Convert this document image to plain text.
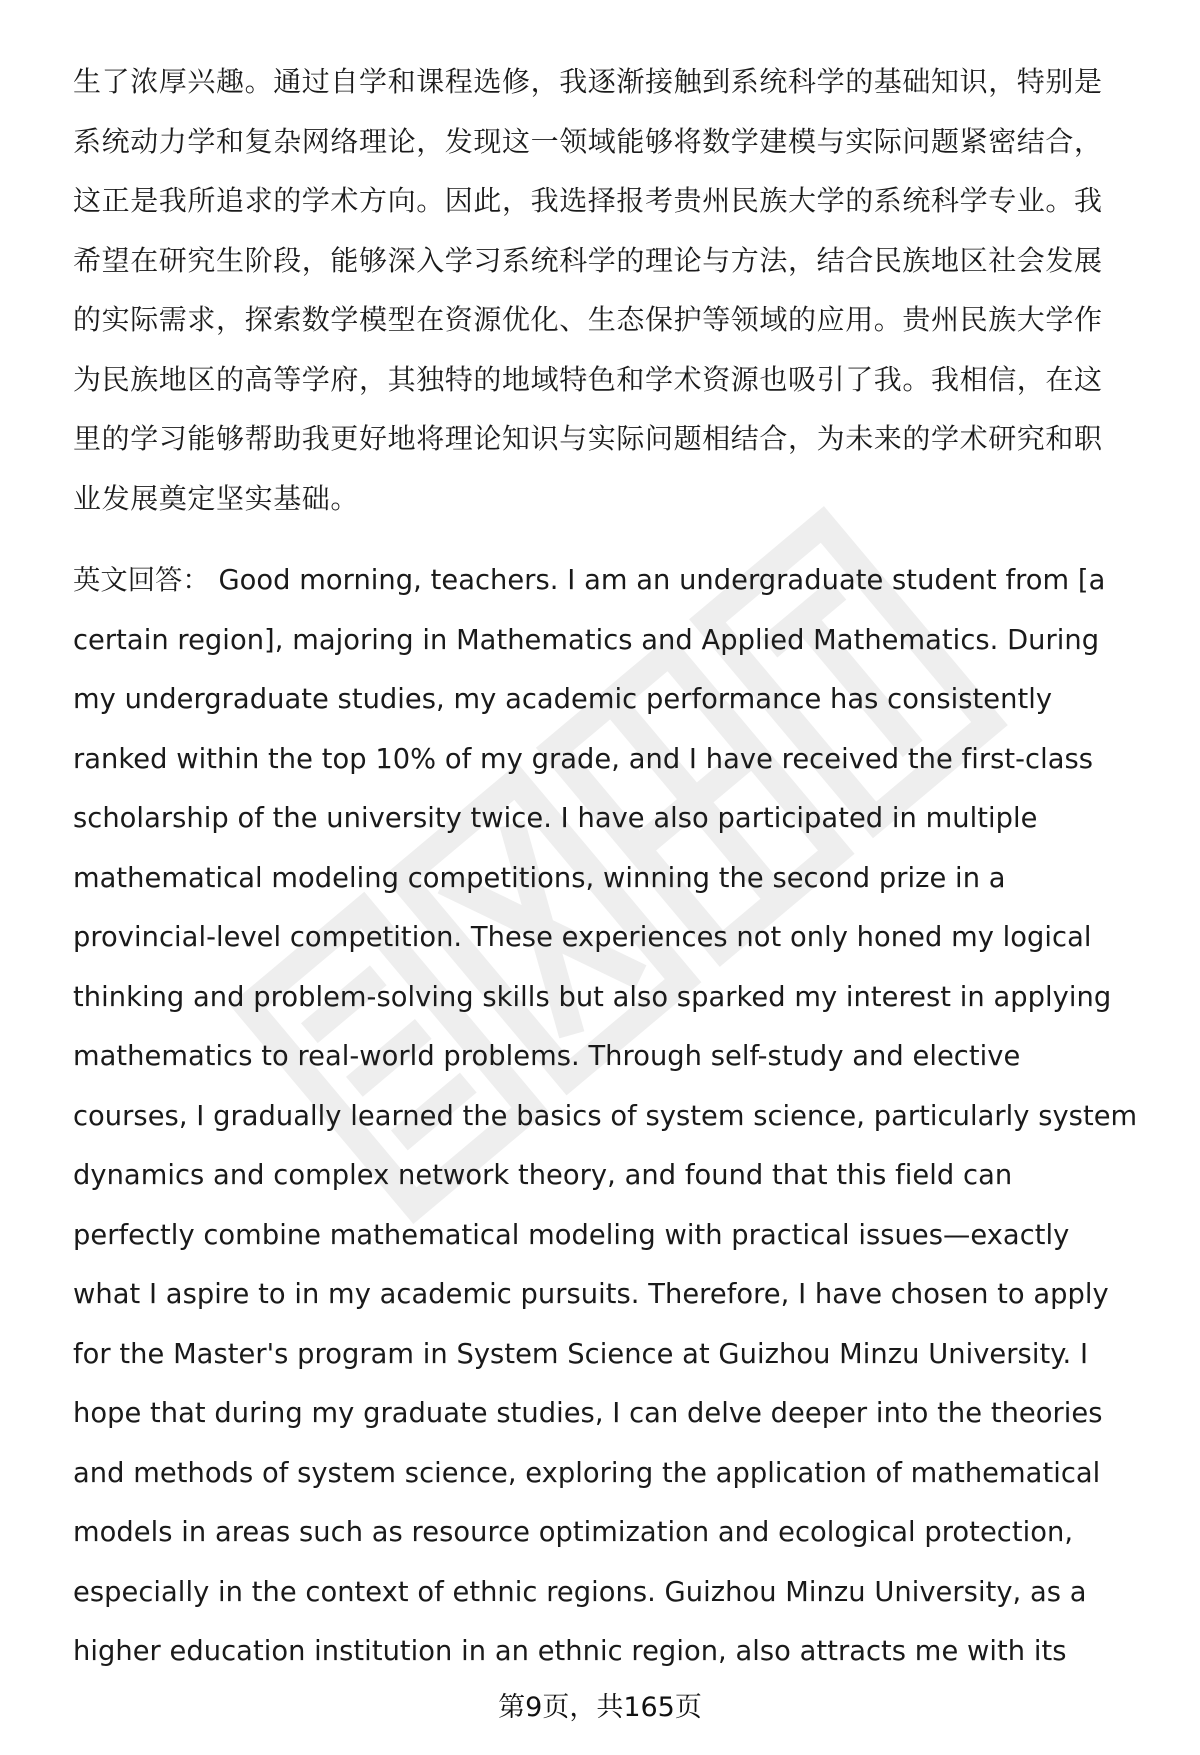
生了浓厚兴趣。通过自学和课程选修，我逐渐接触到系统科学的基础知识，特别是
系统动力学和复杂网络理论，发现这一领域能够将数学建模与实际问题紧密结合，
这正是我所追求的学术方向。因此，我选择报考贵州民族大学的系统科学专业。我
希望在研究生阶段，能够深入学习系统科学的理论与方法，结合民族地区社会发展
的实际需求，探索数学模型在资源优化、生态保护等领域的应用。贵州民族大学作
为民族地区的高等学府，其独特的地域特色和学术资源也吸引了我。我相信，在这
里的学习能够帮助我更好地将理论知识与实际问题相结合，为未来的学术研究和职
业发展奠定坚实基础。

英文回答： Good morning, teachers. I am an undergraduate student from [a
certain region], majoring in Mathematics and Applied Mathematics. During
my undergraduate studies, my academic performance has consistently
ranked within the top 10% of my grade, and I have received the first-class
scholarship of the university twice. I have also participated in multiple
mathematical modeling competitions, winning the second prize in a
provincial-level competition. These experiences not only honed my logical
thinking and problem-solving skills but also sparked my interest in applying
mathematics to real-world problems. Through self-study and elective
courses, I gradually learned the basics of system science, particularly system
dynamics and complex network theory, and found that this field can
perfectly combine mathematical modeling with practical issues—exactly
what I aspire to in my academic pursuits. Therefore, I have chosen to apply
for the Master's program in System Science at Guizhou Minzu University. I
hope that during my graduate studies, I can delve deeper into the theories
and methods of system science, exploring the application of mathematical
models in areas such as resource optimization and ecological protection,
especially in the context of ethnic regions. Guizhou Minzu University, as a
higher education institution in an ethnic region, also attracts me with its

第9页，共165页
